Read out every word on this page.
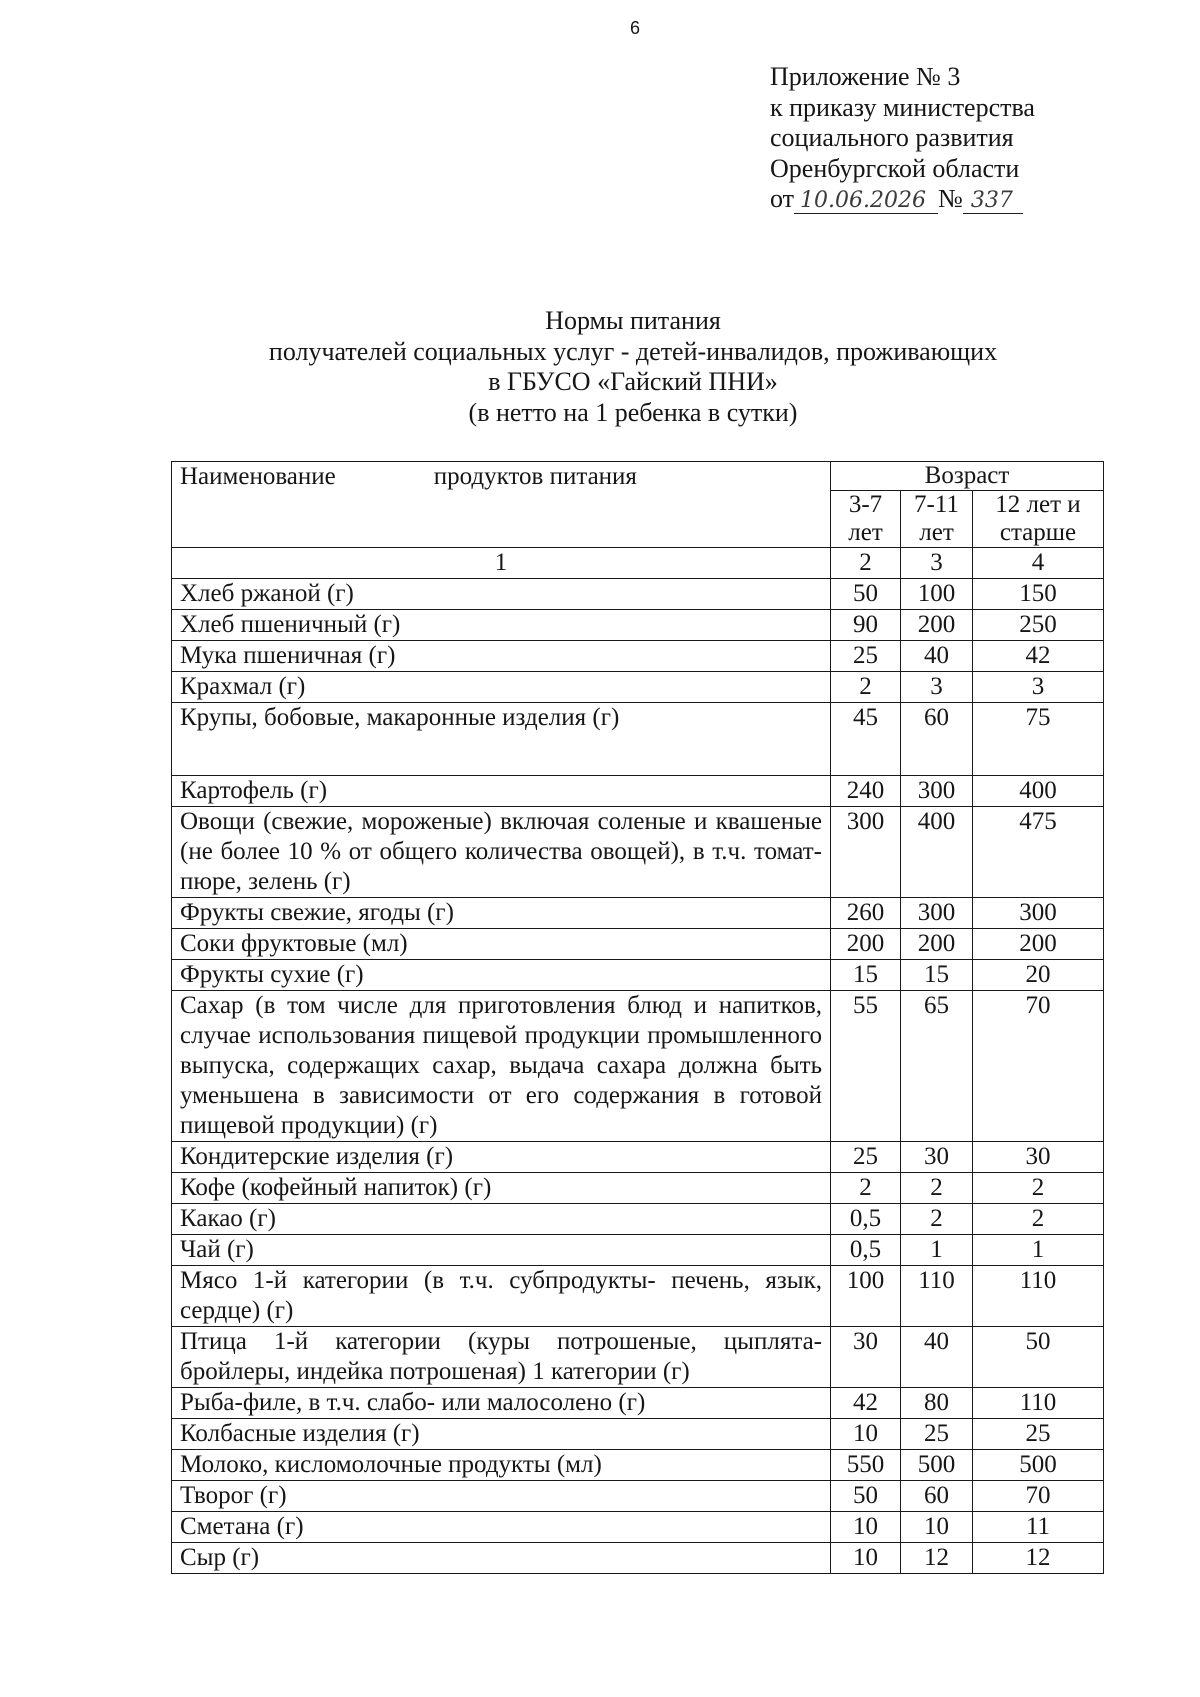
6
Приложение № 3
к приказу министерства
социального развития
Оренбургской области
от 10.06.2026 № 337
Нормы питания
получателей социальных услуг - детей-инвалидов, проживающих
в ГБУСО «Гайский ПНИ»
(в нетто на 1 ребенка в сутки)
Наименование продуктов питания	Возраст		
	3-7 лет	7-11 лет	12 лет и старше
1	2	3	4
Хлеб ржаной (г)	50	100	150
Хлеб пшеничный (г)	90	200	250
Мука пшеничная (г)	25	40	42
Крахмал (г)	2	3	3
Крупы, бобовые, макаронные изделия (г)	45	60	75
Картофель (г)	240	300	400
Овощи (свежие, мороженые) включая соленые и квашеные (не более 10 % от общего количества овощей), в т.ч. томат-пюре, зелень (г)	300	400	475
Фрукты свежие, ягоды (г)	260	300	300
Соки фруктовые (мл)	200	200	200
Фрукты сухие (г)	15	15	20
Сахар (в том числе для приготовления блюд и напитков, случае использования пищевой продукции промышленного выпуска, содержащих сахар, выдача сахара должна быть уменьшена в зависимости от его содержания в готовой пищевой продукции) (г)	55	65	70
Кондитерские изделия (г)	25	30	30
Кофе (кофейный напиток) (г)	2	2	2
Какао (г)	0,5	2	2
Чай (г)	0,5	1	1
Мясо 1-й категории (в т.ч. субпродукты- печень, язык, сердце) (г)	100	110	110
Птица 1-й категории (куры потрошеные, цыплята-бройлеры, индейка потрошеная) 1 категории (г)	30	40	50
Рыба-филе, в т.ч. слабо- или малосолено (г)	42	80	110
Колбасные изделия (г)	10	25	25
Молоко, кисломолочные продукты (мл)	550	500	500
Творог (г)	50	60	70
Сметана (г)	10	10	11
Сыр (г)	10	12	12
